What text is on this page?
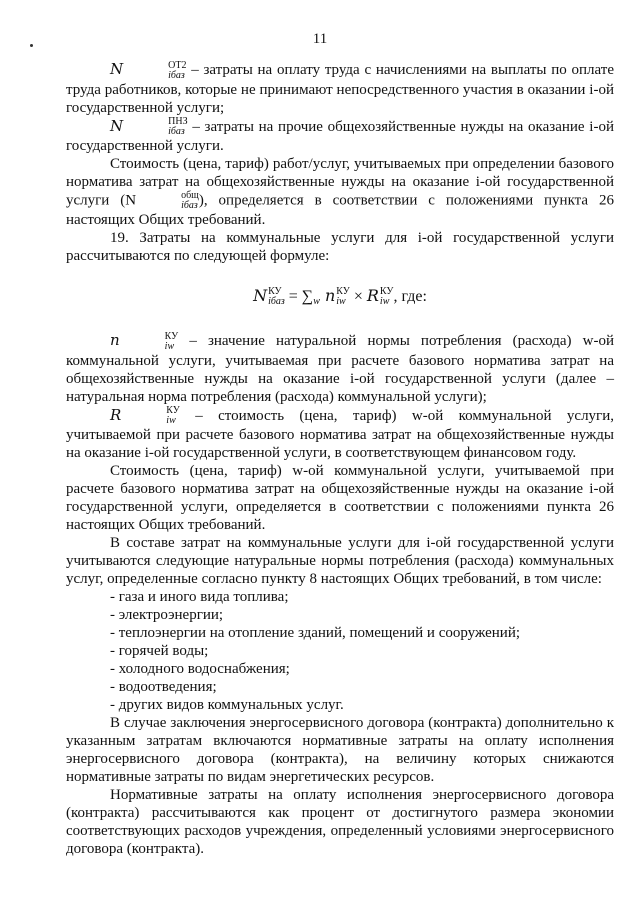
11

N	ОТ2
iбаз – затраты на оплату труда с начислениями на выплаты по оплате труда работников, которые не принимают непосредственного участия в оказании i-ой государственной услуги;

N	ПНЗ
iбаз – затраты на прочие общехозяйственные нужды на оказание i-ой государственной услуги.

Стоимость (цена, тариф) работ/услуг, учитываемых при определении базового норматива затрат на общехозяйственные нужды на оказание i-ой государственной услуги (N	общ
iбаз ), определяется в соответствии с положениями пункта 26 настоящих Общих требований.

19. Затраты на коммунальные услуги для i-ой государственной услуги рассчитываются по следующей формуле:

N КУ
iбаз = $\sum_w$ n КУ
iw × R КУ
iw , где:

n	КУ
iw – значение натуральной нормы потребления (расхода) w-ой коммунальной услуги, учитываемая при расчете базового норматива затрат на общехозяйственные нужды на оказание i-ой государственной услуги (далее – натуральная норма потребления (расхода) коммунальной услуги);

R	КУ
iw – стоимость (цена, тариф) w-ой коммунальной услуги, учитываемой при расчете базового норматива затрат на общехозяйственные нужды на оказание i-ой государственной услуги, в соответствующем финансовом году.

Стоимость (цена, тариф) w-ой коммунальной услуги, учитываемой при расчете базового норматива затрат на общехозяйственные нужды на оказание i-ой государственной услуги, определяется в соответствии с положениями пункта 26 настоящих Общих требований.

В составе затрат на коммунальные услуги для i-ой государственной услуги учитываются следующие натуральные нормы потребления (расхода) коммунальных услуг, определенные согласно пункту 8 настоящих Общих требований, в том числе:

- газа и иного вида топлива;
- электроэнергии;
- теплоэнергии на отопление зданий, помещений и сооружений;
- горячей воды;
- холодного водоснабжения;
- водоотведения;
- других видов коммунальных услуг.

В случае заключения энергосервисного договора (контракта) дополнительно к указанным затратам включаются нормативные затраты на оплату исполнения энергосервисного договора (контракта), на величину которых снижаются нормативные затраты по видам энергетических ресурсов.

Нормативные затраты на оплату исполнения энергосервисного договора (контракта) рассчитываются как процент от достигнутого размера экономии соответствующих расходов учреждения, определенный условиями энергосервисного договора (контракта).
